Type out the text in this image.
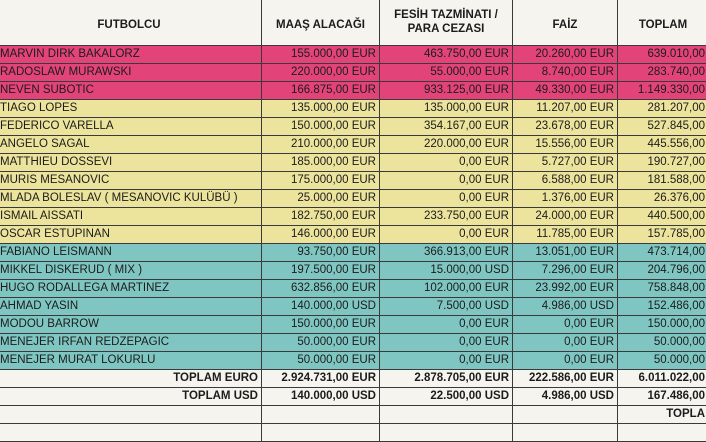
FUTBOLCU	MAAŞ ALACAĞI	FESİH TAZMİNATI / PARA CEZASI	FAİZ	TOPLAM
MARVIN DIRK BAKALORZ	155.000,00 EUR	463.750,00 EUR	20.260,00 EUR	639.010,00
RADOSLAW MURAWSKI	220.000,00 EUR	55.000,00 EUR	8.740,00 EUR	283.740,00
NEVEN SUBOTIC	166.875,00 EUR	933.125,00 EUR	49.330,00 EUR	1.149.330,00
TIAGO LOPES	135.000,00 EUR	135.000,00 EUR	11.207,00 EUR	281.207,00
FEDERICO VARELLA	150.000,00 EUR	354.167,00 EUR	23.678,00 EUR	527.845,00
ANGELO SAGAL	210.000,00 EUR	220.000,00 EUR	15.556,00 EUR	445.556,00
MATTHIEU DOSSEVI	185.000,00 EUR	0,00 EUR	5.727,00 EUR	190.727,00
MURIS MESANOVIC	175.000,00 EUR	0,00 EUR	6.588,00 EUR	181.588,00
MLADA BOLESLAV ( MESANOVIC KULÜBÜ )	25.000,00 EUR	0,00 EUR	1.376,00 EUR	26.376,00
ISMAIL AISSATI	182.750,00 EUR	233.750,00 EUR	24.000,00 EUR	440.500,00
OSCAR ESTUPINAN	146.000,00 EUR	0,00 EUR	11.785,00 EUR	157.785,00
FABIANO LEISMANN	93.750,00 EUR	366.913,00 EUR	13.051,00 EUR	473.714,00
MIKKEL DISKERUD ( MIX )	197.500,00 EUR	15.000,00 USD	7.296,00 EUR	204.796,00
HUGO RODALLEGA MARTINEZ	632.856,00 EUR	102.000,00 EUR	23.992,00 EUR	758.848,00
AHMAD YASIN	140.000,00 USD	7.500,00 USD	4.986,00 USD	152.486,00
MODOU BARROW	150.000,00 EUR	0,00 EUR	0,00 EUR	150.000,00
MENEJER IRFAN REDZEPAGIC	50.000,00 EUR	0,00 EUR	0,00 EUR	50.000,00
MENEJER MURAT LOKURLU	50.000,00 EUR	0,00 EUR	0,00 EUR	50.000,00
TOPLAM EURO	2.924.731,00 EUR	2.878.705,00 EUR	222.586,00 EUR	6.011.022,00
TOPLAM USD	140.000,00 USD	22.500,00 USD	4.986,00 USD	167.486,00
				TOPLA
